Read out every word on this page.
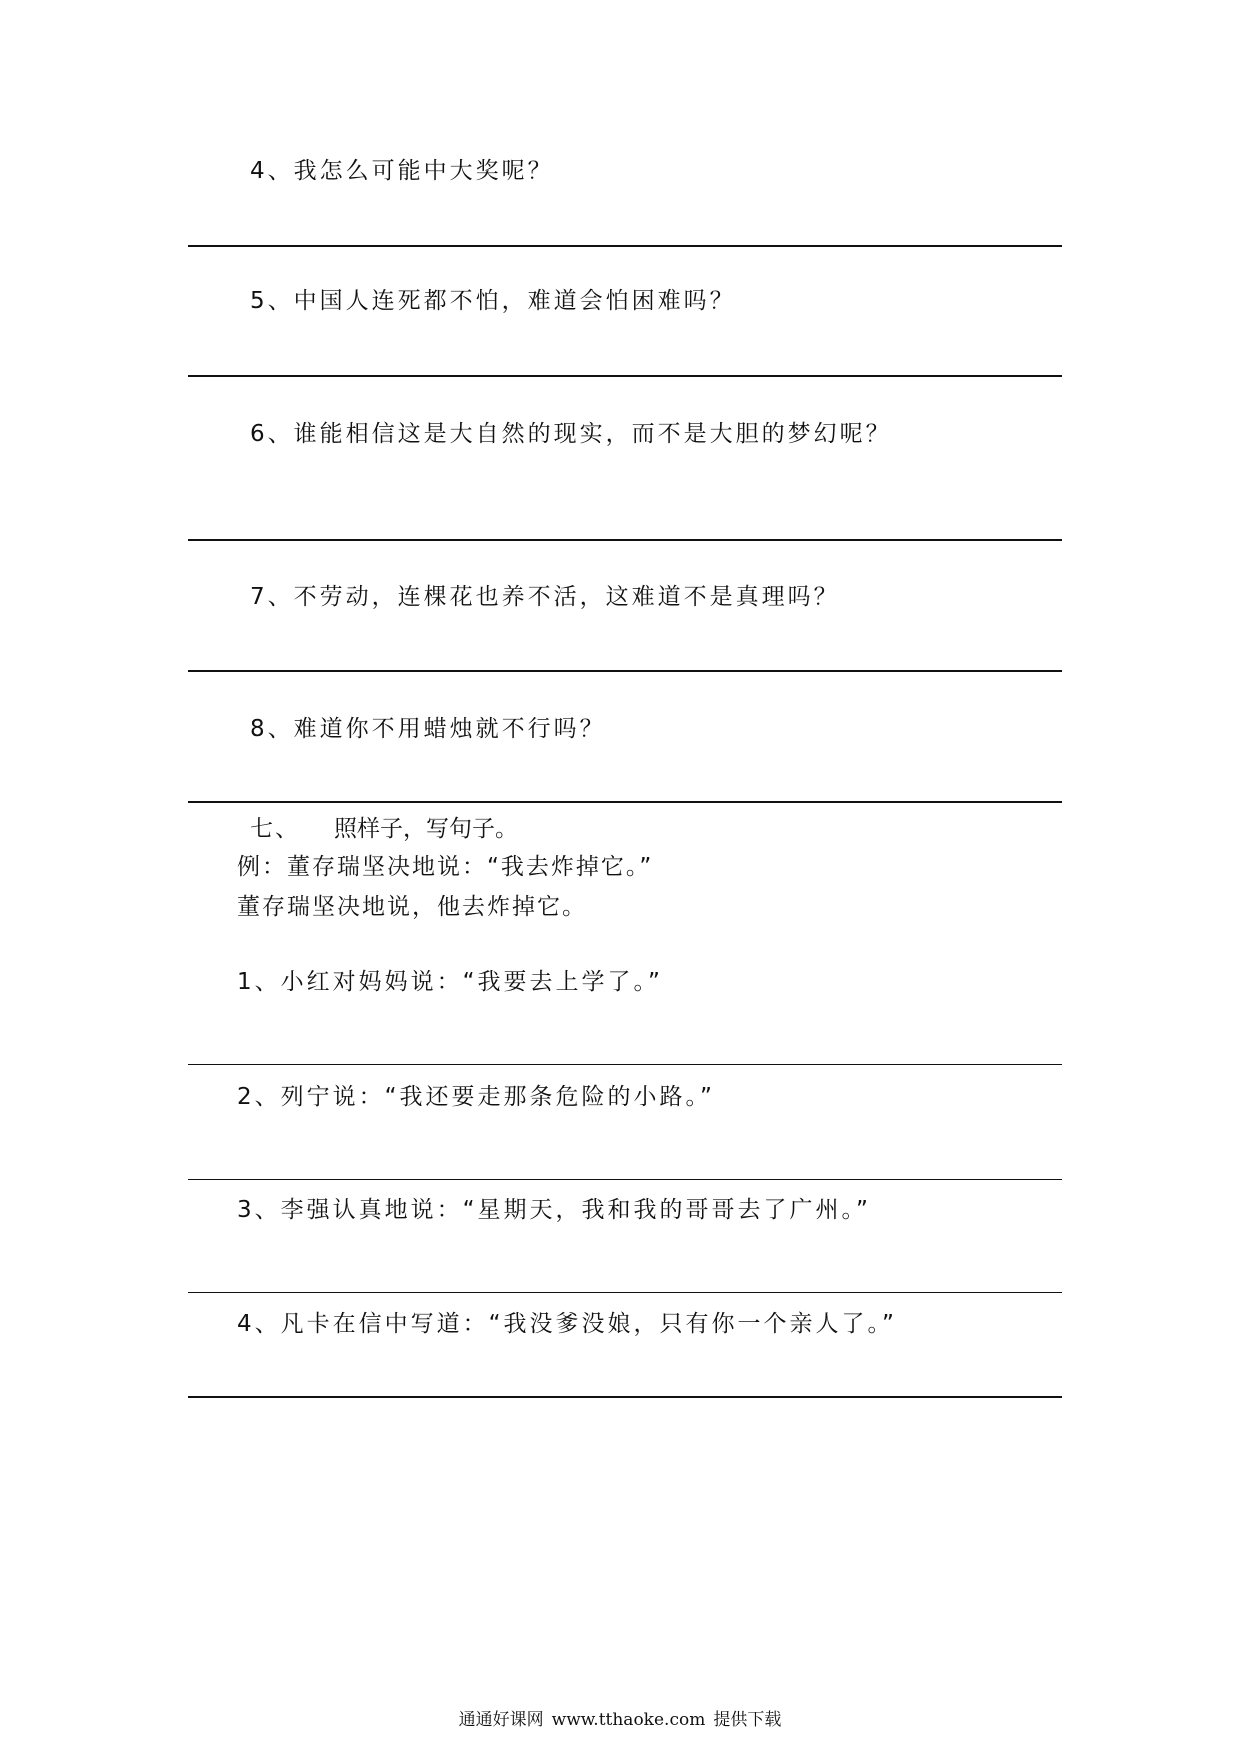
4、我怎么可能中大奖呢？
5、中国人连死都不怕，难道会怕困难吗？
6、谁能相信这是大自然的现实，而不是大胆的梦幻呢？
7、不劳动，连棵花也养不活，这难道不是真理吗？
8、难道你不用蜡烛就不行吗？
七、 照样子，写句子。
例：董存瑞坚决地说：“我去炸掉它。”
董存瑞坚决地说，他去炸掉它。
1、小红对妈妈说：“我要去上学了。”
2、列宁说：“我还要走那条危险的小路。”
3、李强认真地说：“星期天，我和我的哥哥去了广州。”
4、凡卡在信中写道：“我没爹没娘，只有你一个亲人了。”
通通好课网 www.tthaoke.com 提供下载
